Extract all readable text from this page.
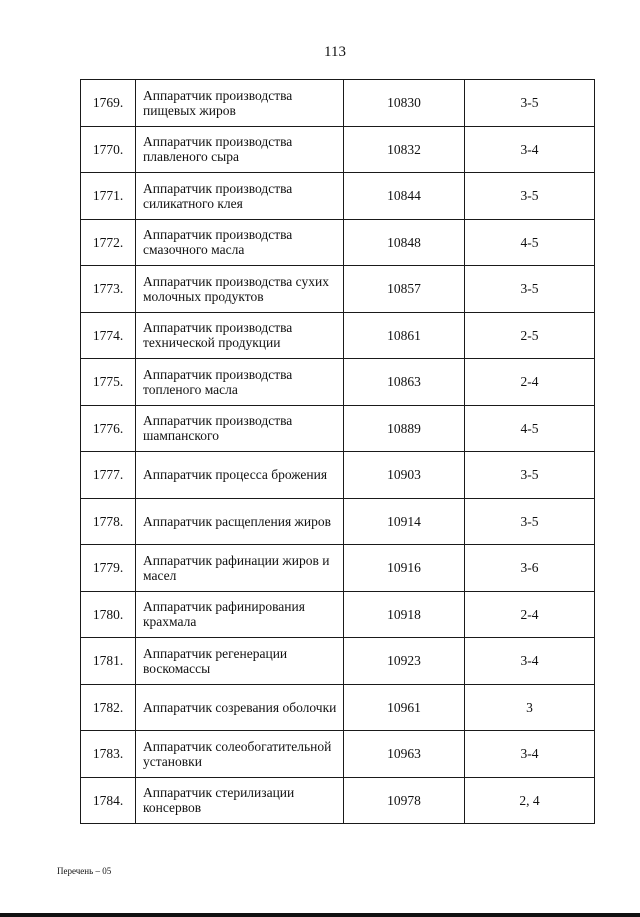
113
1769.	Аппаратчик производства пищевых жиров	10830	3-5
1770.	Аппаратчик производства плавленого сыра	10832	3-4
1771.	Аппаратчик производства силикатного клея	10844	3-5
1772.	Аппаратчик производства смазочного масла	10848	4-5
1773.	Аппаратчик производства сухих молочных продуктов	10857	3-5
1774.	Аппаратчик производства технической продукции	10861	2-5
1775.	Аппаратчик производства топленого масла	10863	2-4
1776.	Аппаратчик производства шампанского	10889	4-5
1777.	Аппаратчик процесса брожения	10903	3-5
1778.	Аппаратчик расщепления жиров	10914	3-5
1779.	Аппаратчик рафинации жиров и масел	10916	3-6
1780.	Аппаратчик рафинирования крахмала	10918	2-4
1781.	Аппаратчик регенерации воскомассы	10923	3-4
1782.	Аппаратчик созревания оболочки	10961	3
1783.	Аппаратчик солеобогатительной установки	10963	3-4
1784.	Аппаратчик стерилизации консервов	10978	2, 4
Перечень – 05
